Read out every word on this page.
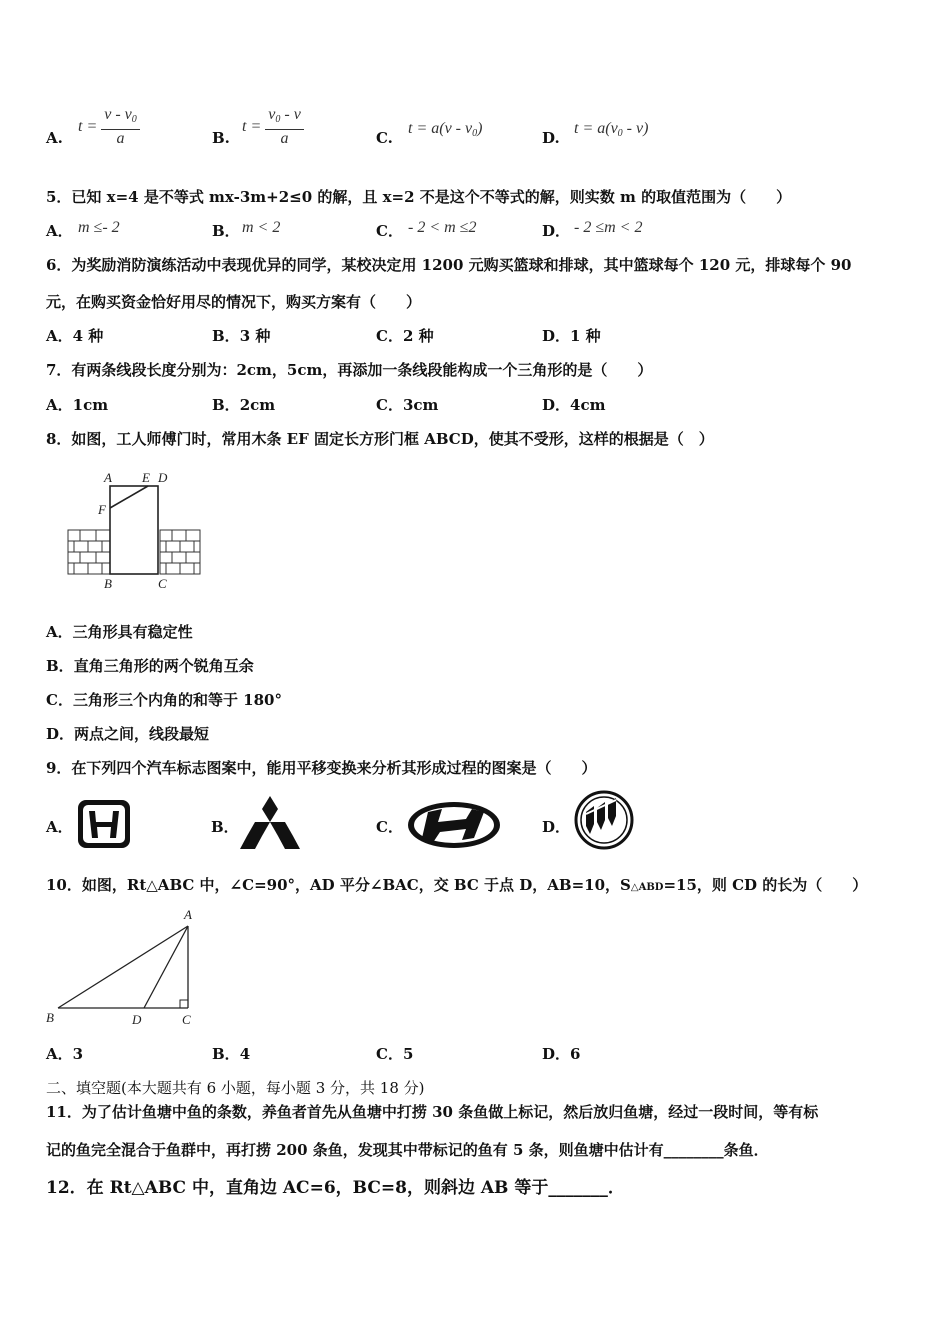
A.
$t = \frac{v - v_0}{a}$	B.
$t = \frac{v_0 - v}{a}$	C.
$t = a(v - v_0)$
D.
$t = a(v_0 - v)$
5．已知 x=4 是不等式 mx-3m+2≤0 的解，且 x=2 不是这个不等式的解，则实数 m 的取值范围为（　　）
A． m ≤- 2	B． m < 2	C． - 2 < m ≤2	D． - 2 ≤m < 2
6．为奖励消防演练活动中表现优异的同学，某校决定用 1200 元购买篮球和排球，其中篮球每个 120 元，排球每个 90
元，在购买资金恰好用尽的情况下，购买方案有（　　）
A．4 种	B．3 种	C．2 种	D．1 种
7．有两条线段长度分别为：2cm，5cm，再添加一条线段能构成一个三角形的是（　　）
A．1cm	B．2cm	C．3cm	D．4cm
8．如图，工人师傅门时，常用木条 EF 固定长方形门框 ABCD，使其不受形，这样的根据是（　）
A E D
F
B	C
A．三角形具有稳定性
B．直角三角形的两个锐角互余
C．三角形三个内角的和等于 180°
D．两点之间，线段最短
9．在下列四个汽车标志图案中，能用平移变换来分析其形成过程的图案是（　　）
A．	B．	C．	D．
10．如图，Rt△ABC 中，∠C=90°，AD 平分∠BAC，交 BC 于点 D，AB=10，S△ABD=15，则 CD 的长为（　　）
A
B	D	C
A．3	B．4	C．5	D．6
二、填空题(本大题共有 6 小题，每小题 3 分，共 18 分)
11．为了估计鱼塘中鱼的条数，养鱼者首先从鱼塘中打捞 30 条鱼做上标记，然后放归鱼塘，经过一段时间，等有标
记的鱼完全混合于鱼群中，再打捞 200 条鱼，发现其中带标记的鱼有 5 条，则鱼塘中估计有________条鱼．
12．在 Rt△ABC 中，直角边 AC=6，BC=8，则斜边 AB 等于_______．
